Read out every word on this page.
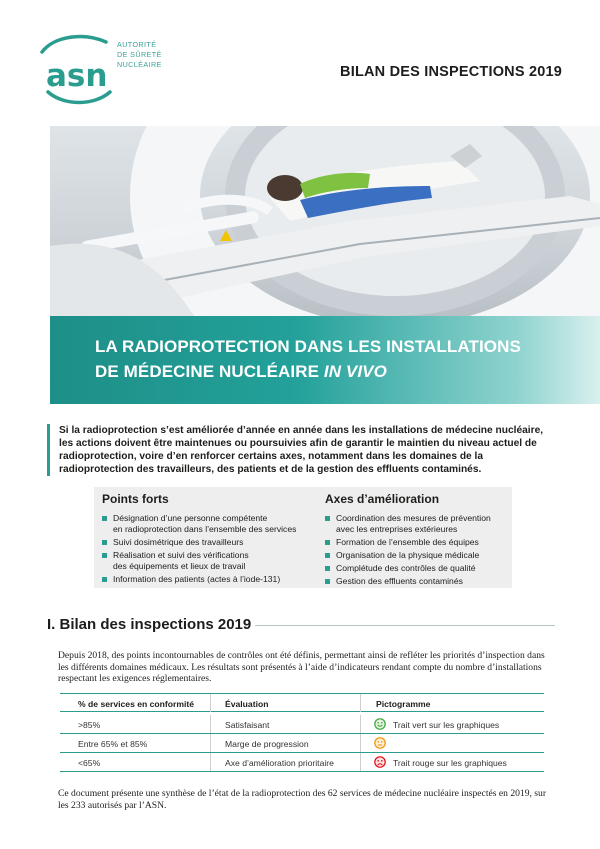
asn
AUTORITÉ
DE SÛRETÉ
NUCLÉAIRE	BILAN DES INSPECTIONS 2019
LA RADIOPROTECTION DANS LES INSTALLATIONS
DE MÉDECINE NUCLÉAIRE IN VIVO
Si la radioprotection s’est améliorée d’année en année dans les installations de médecine nucléaire, les actions doivent être maintenues ou poursuivies afin de garantir le maintien du niveau actuel de radioprotection, voire d’en renforcer certains axes, notamment dans les domaines de la radioprotection des travailleurs, des patients et de la gestion des effluents contaminés.
Points forts
Désignation d’une personne compétente
en radioprotection dans l’ensemble des services
Suivi dosimétrique des travailleurs
Réalisation et suivi des vérifications
des équipements et lieux de travail
Information des patients (actes à l’iode-131)
Axes d’amélioration
Coordination des mesures de prévention
avec les entreprises extérieures
Formation de l’ensemble des équipes
Organisation de la physique médicale
Complétude des contrôles de qualité
Gestion des effluents contaminés
I. Bilan des inspections 2019
Depuis 2018, des points incontournables de contrôles ont été définis, permettant ainsi de refléter les priorités d’inspection dans les différents domaines médicaux. Les résultats sont présentés à l’aide d’indicateurs rendant compte du nombre d’installations respectant les exigences réglementaires.
% de services en conformité	Évaluation	Pictogramme
>85%	Satisfaisant	Trait vert sur les graphiques
Entre 65% et 85%	Marge de progression
<65%	Axe d’amélioration prioritaire	Trait rouge sur les graphiques
Ce document présente une synthèse de l’état de la radioprotection des 62 services de médecine nucléaire inspectés en 2019, sur les 233 autorisés par l’ASN.
